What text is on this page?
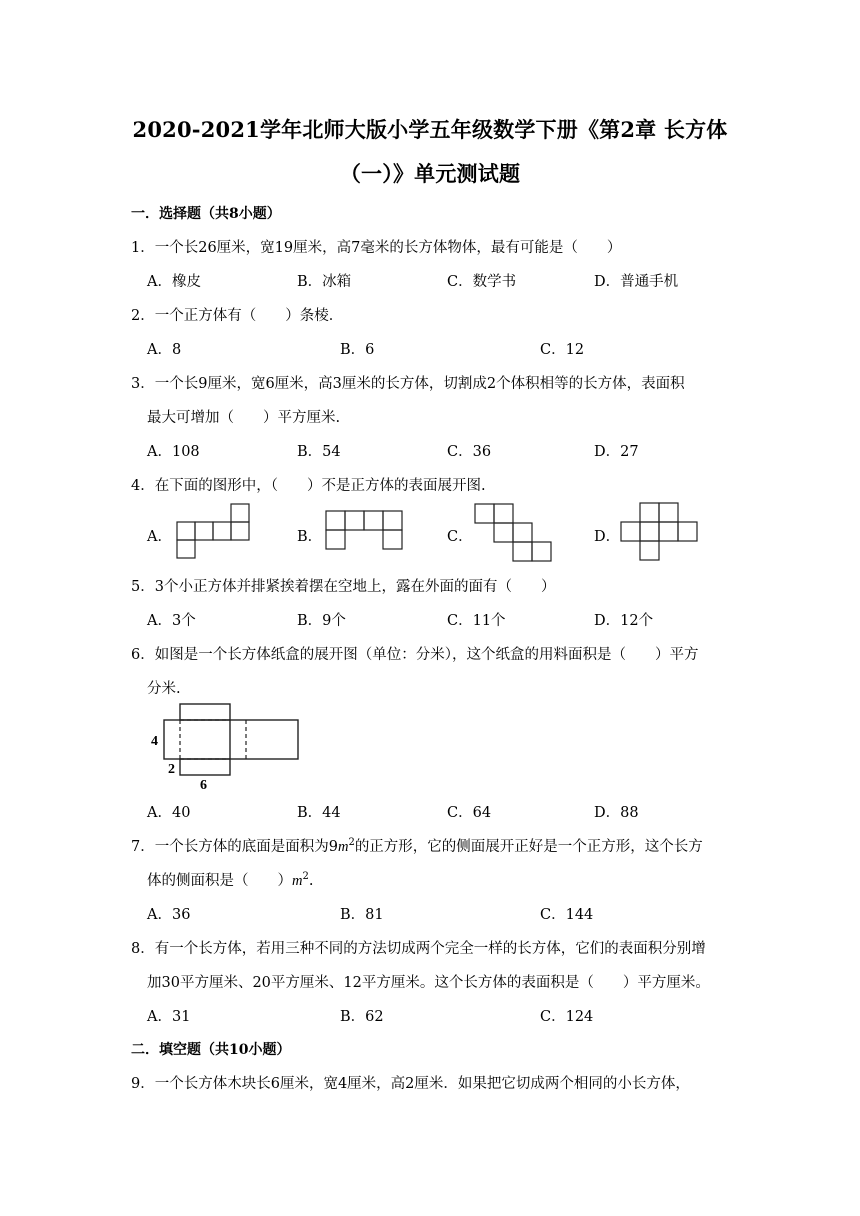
2020-2021学年北师大版小学五年级数学下册《第2章 长方体
（一）》单元测试题
一．选择题（共8小题）
1．一个长26厘米，宽19厘米，高7毫米的长方体物体，最有可能是（　　）
A．橡皮	B．冰箱	C．数学书	D．普通手机
2．一个正方体有（　　）条棱．
A．8	B．6	C．12
3．一个长9厘米，宽6厘米，高3厘米的长方体，切割成2个体积相等的长方体，表面积
最大可增加（　　）平方厘米.
A．108	B．54	C．36	D．27
4．在下面的图形中，（　　）不是正方体的表面展开图.
A．	B．	C．	D．
5．3个小正方体并排紧挨着摆在空地上，露在外面的面有（　　）
A．3个	B．9个	C．11个	D．12个
6．如图是一个长方体纸盒的展开图（单位：分米），这个纸盒的用料面积是（　　）平方
分米.
4
2
6
A．40	B．44	C．64	D．88
7．一个长方体的底面是面积为$9m^2$的正方形，它的侧面展开正好是一个正方形，这个长方
体的侧面积是（　　）$m^2$.
A．36	B．81	C．144
8．有一个长方体，若用三种不同的方法切成两个完全一样的长方体，它们的表面积分别增
加30平方厘米、20平方厘米、12平方厘米。这个长方体的表面积是（　　）平方厘米。
A．31	B．62	C．124
二．填空题（共10小题）
9．一个长方体木块长6厘米，宽4厘米，高2厘米．如果把它切成两个相同的小长方体，
